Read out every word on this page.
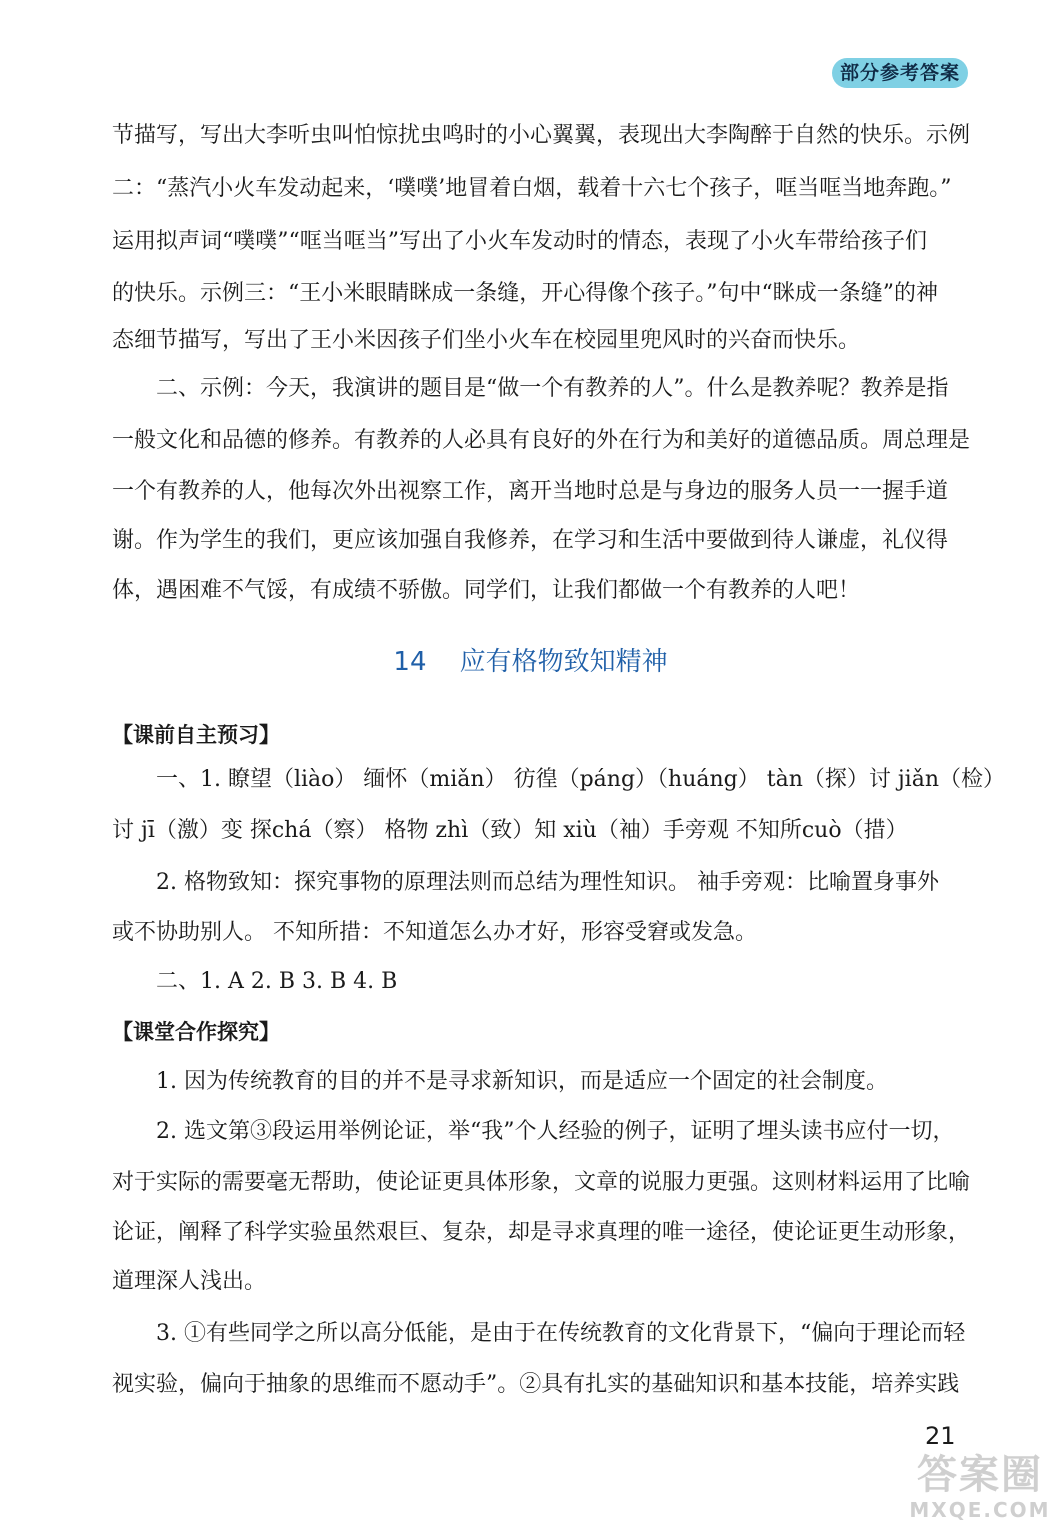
部分参考答案
节描写，写出大李听虫叫怕惊扰虫鸣时的小心翼翼，表现出大李陶醉于自然的快乐。示例
二：“蒸汽小火车发动起来，‘噗噗’地冒着白烟，载着十六七个孩子，哐当哐当地奔跑。”
运用拟声词“噗噗”“哐当哐当”写出了小火车发动时的情态，表现了小火车带给孩子们
的快乐。示例三：“王小米眼睛眯成一条缝，开心得像个孩子。”句中“眯成一条缝”的神
态细节描写，写出了王小米因孩子们坐小火车在校园里兜风时的兴奋而快乐。
二、示例：今天，我演讲的题目是“做一个有教养的人”。什么是教养呢？教养是指
一般文化和品德的修养。有教养的人必具有良好的外在行为和美好的道德品质。周总理是
一个有教养的人，他每次外出视察工作，离开当地时总是与身边的服务人员一一握手道
谢。作为学生的我们，更应该加强自我修养，在学习和生活中要做到待人谦虚，礼仪得
体，遇困难不气馁，有成绩不骄傲。同学们，让我们都做一个有教养的人吧！
14 应有格物致知精神
【课前自主预习】
一、1. 瞭望（liào） 缅怀（miǎn） 彷徨（páng）（huáng） tàn（探）讨 jiǎn（检）
讨 jī（激）变 探chá（察） 格物 zhì（致）知 xiù（袖）手旁观 不知所cuò（措）
2. 格物致知：探究事物的原理法则而总结为理性知识。 袖手旁观：比喻置身事外
或不协助别人。 不知所措：不知道怎么办才好，形容受窘或发急。
二、1. A 2. B 3. B 4. B
【课堂合作探究】
1. 因为传统教育的目的并不是寻求新知识，而是适应一个固定的社会制度。
2. 选文第③段运用举例论证，举“我”个人经验的例子，证明了埋头读书应付一切，
对于实际的需要毫无帮助，使论证更具体形象，文章的说服力更强。这则材料运用了比喻
论证，阐释了科学实验虽然艰巨、复杂，却是寻求真理的唯一途径，使论证更生动形象，
道理深人浅出。
3. ①有些同学之所以高分低能，是由于在传统教育的文化背景下，“偏向于理论而轻
视实验，偏向于抽象的思维而不愿动手”。②具有扎实的基础知识和基本技能，培养实践
21
答案圈
MXQE.COM
